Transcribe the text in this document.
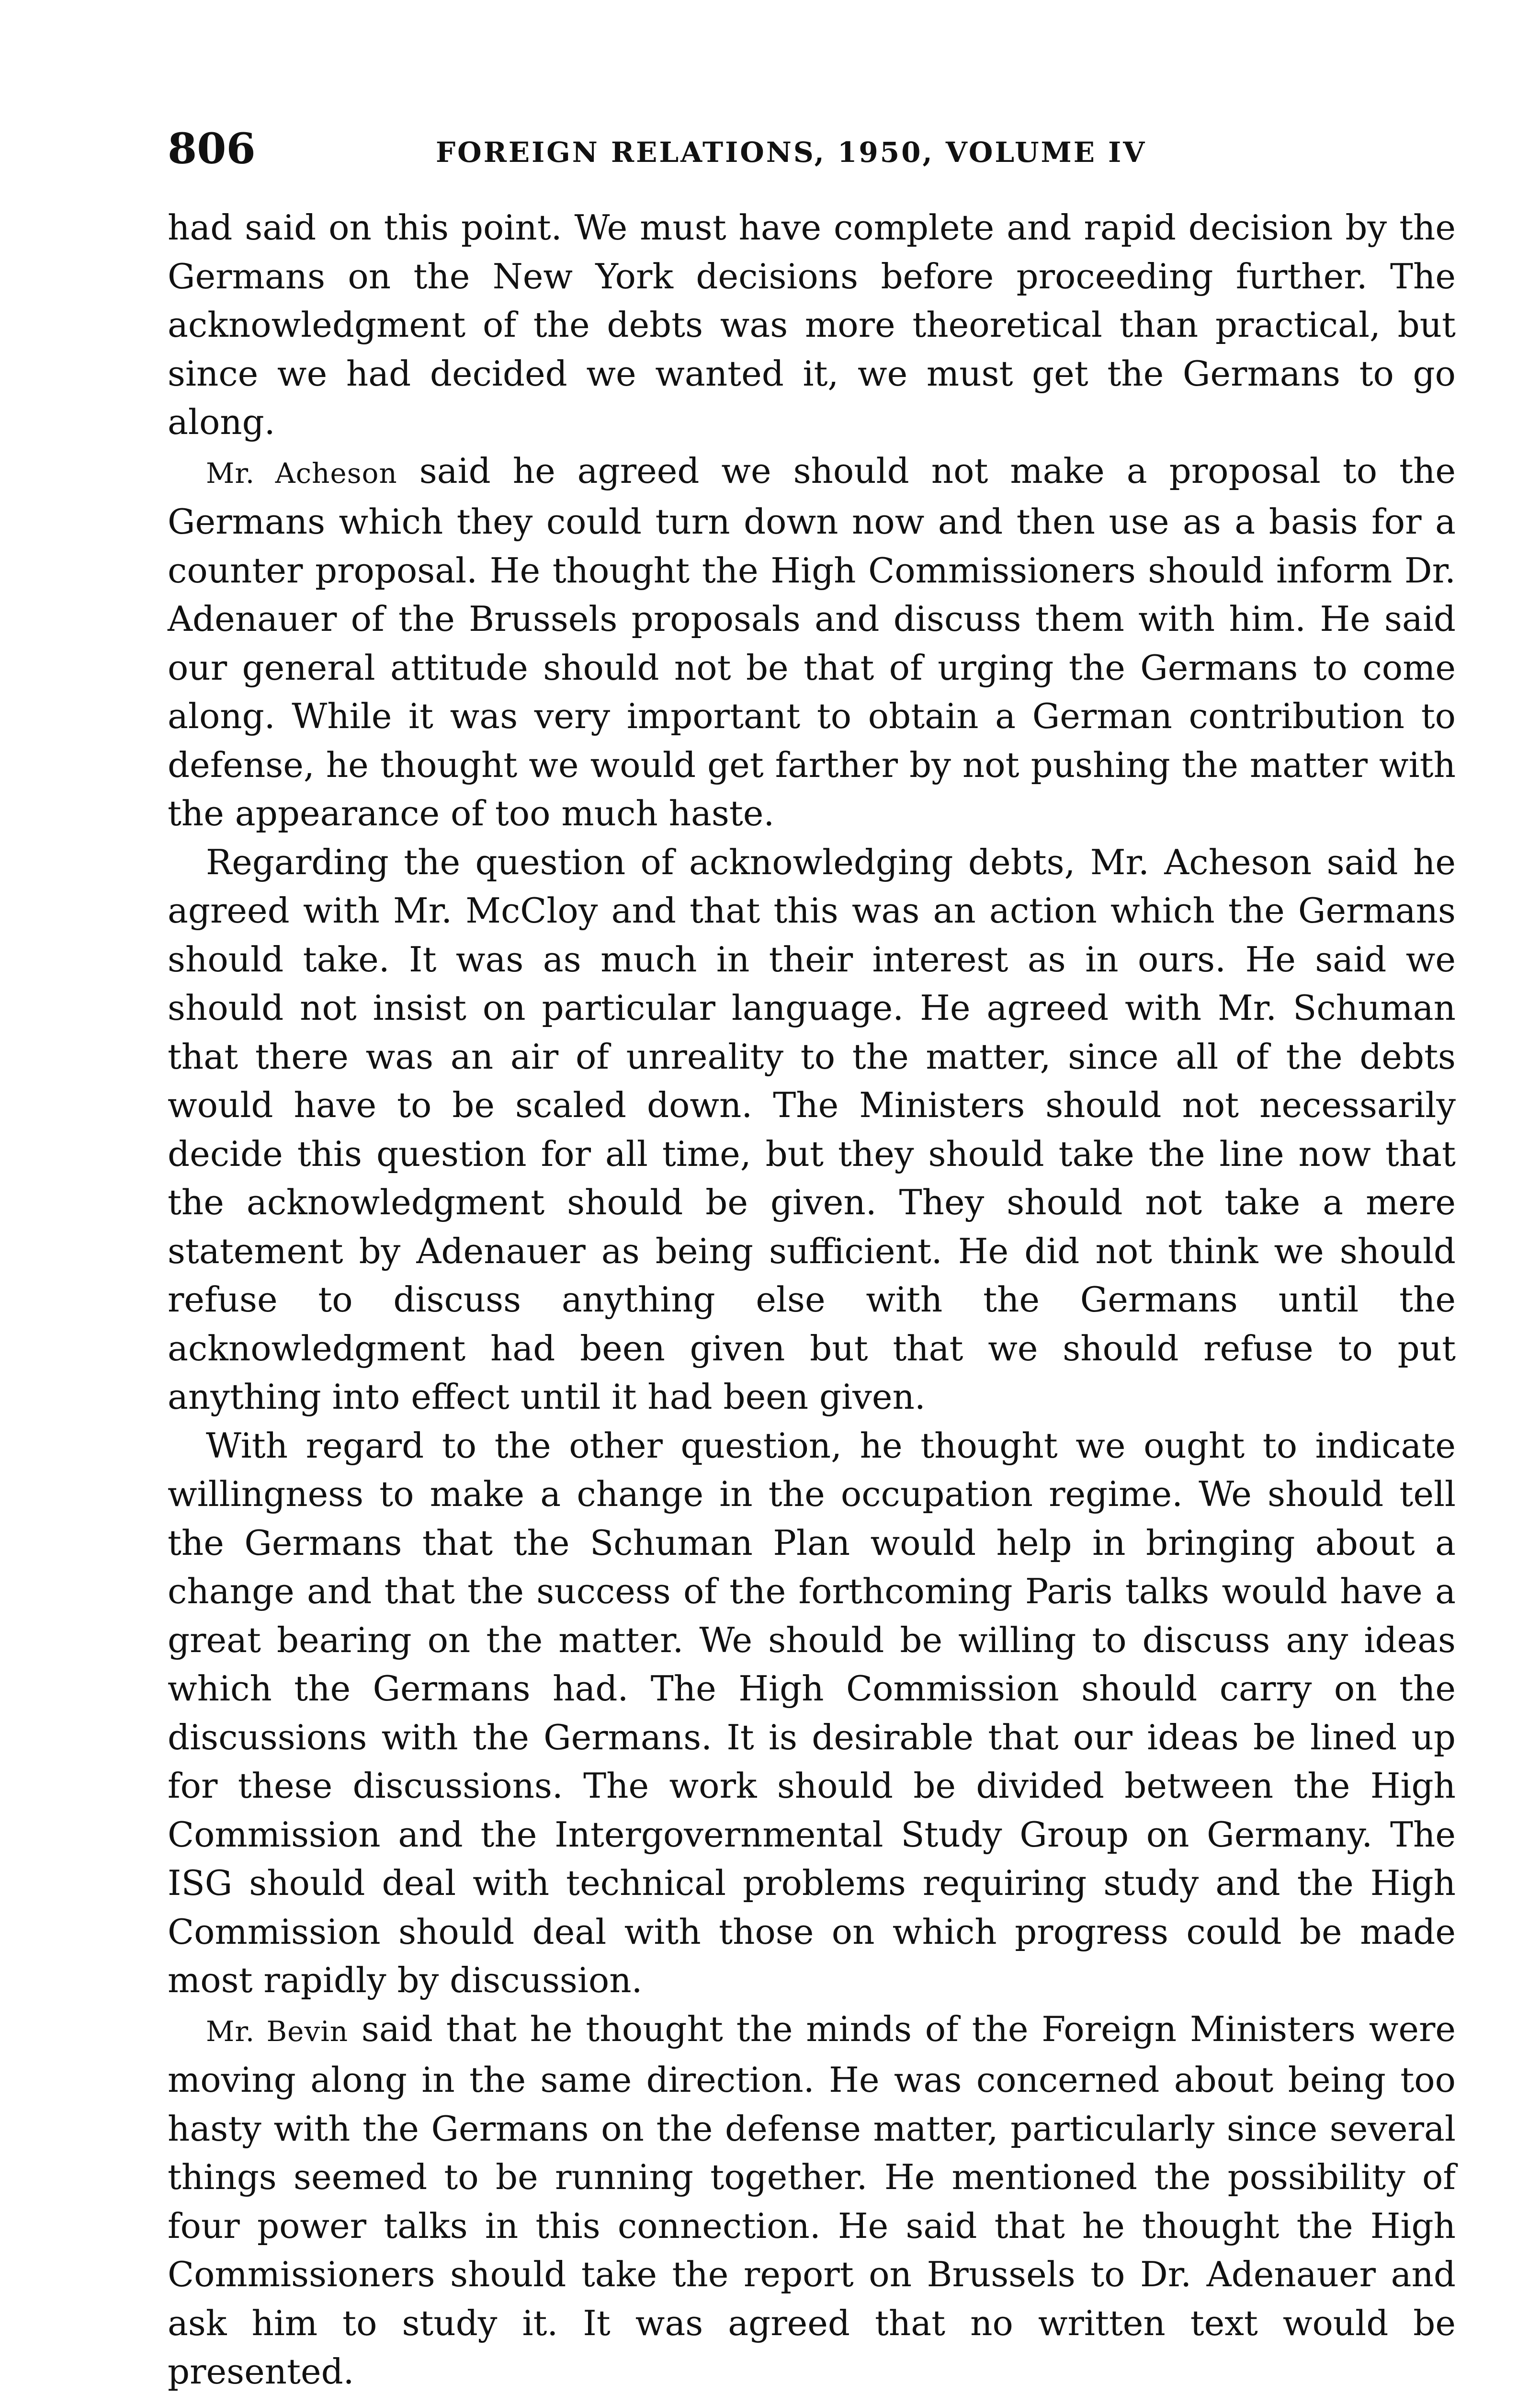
806	FOREIGN RELATIONS, 1950, VOLUME IV

had said on this point. We must have complete and rapid decision by the Germans on the New York decisions before proceeding further. The acknowledgment of the debts was more theoretical than practical, but since we had decided we wanted it, we must get the Germans to go along.

Mr. Acheson said he agreed we should not make a proposal to the Germans which they could turn down now and then use as a basis for a counter proposal. He thought the High Commissioners should inform Dr. Adenauer of the Brussels proposals and discuss them with him. He said our general attitude should not be that of urging the Germans to come along. While it was very important to obtain a German contribution to defense, he thought we would get farther by not pushing the matter with the appearance of too much haste.

Regarding the question of acknowledging debts, Mr. Acheson said he agreed with Mr. McCloy and that this was an action which the Germans should take. It was as much in their interest as in ours. He said we should not insist on particular language. He agreed with Mr. Schuman that there was an air of unreality to the matter, since all of the debts would have to be scaled down. The Ministers should not necessarily decide this question for all time, but they should take the line now that the acknowledgment should be given. They should not take a mere statement by Adenauer as being sufficient. He did not think we should refuse to discuss anything else with the Germans until the acknowledgment had been given but that we should refuse to put anything into effect until it had been given.

With regard to the other question, he thought we ought to indicate willingness to make a change in the occupation regime. We should tell the Germans that the Schuman Plan would help in bringing about a change and that the success of the forthcoming Paris talks would have a great bearing on the matter. We should be willing to discuss any ideas which the Germans had. The High Commission should carry on the discussions with the Germans. It is desirable that our ideas be lined up for these discussions. The work should be divided between the High Commission and the Intergovernmental Study Group on Germany. The ISG should deal with technical problems requiring study and the High Commission should deal with those on which progress could be made most rapidly by discussion.

Mr. Bevin said that he thought the minds of the Foreign Ministers were moving along in the same direction. He was concerned about being too hasty with the Germans on the defense matter, particularly since several things seemed to be running together. He mentioned the possibility of four power talks in this connection. He said that he thought the High Commissioners should take the report on Brussels to Dr. Adenauer and ask him to study it. It was agreed that no written text would be presented.
